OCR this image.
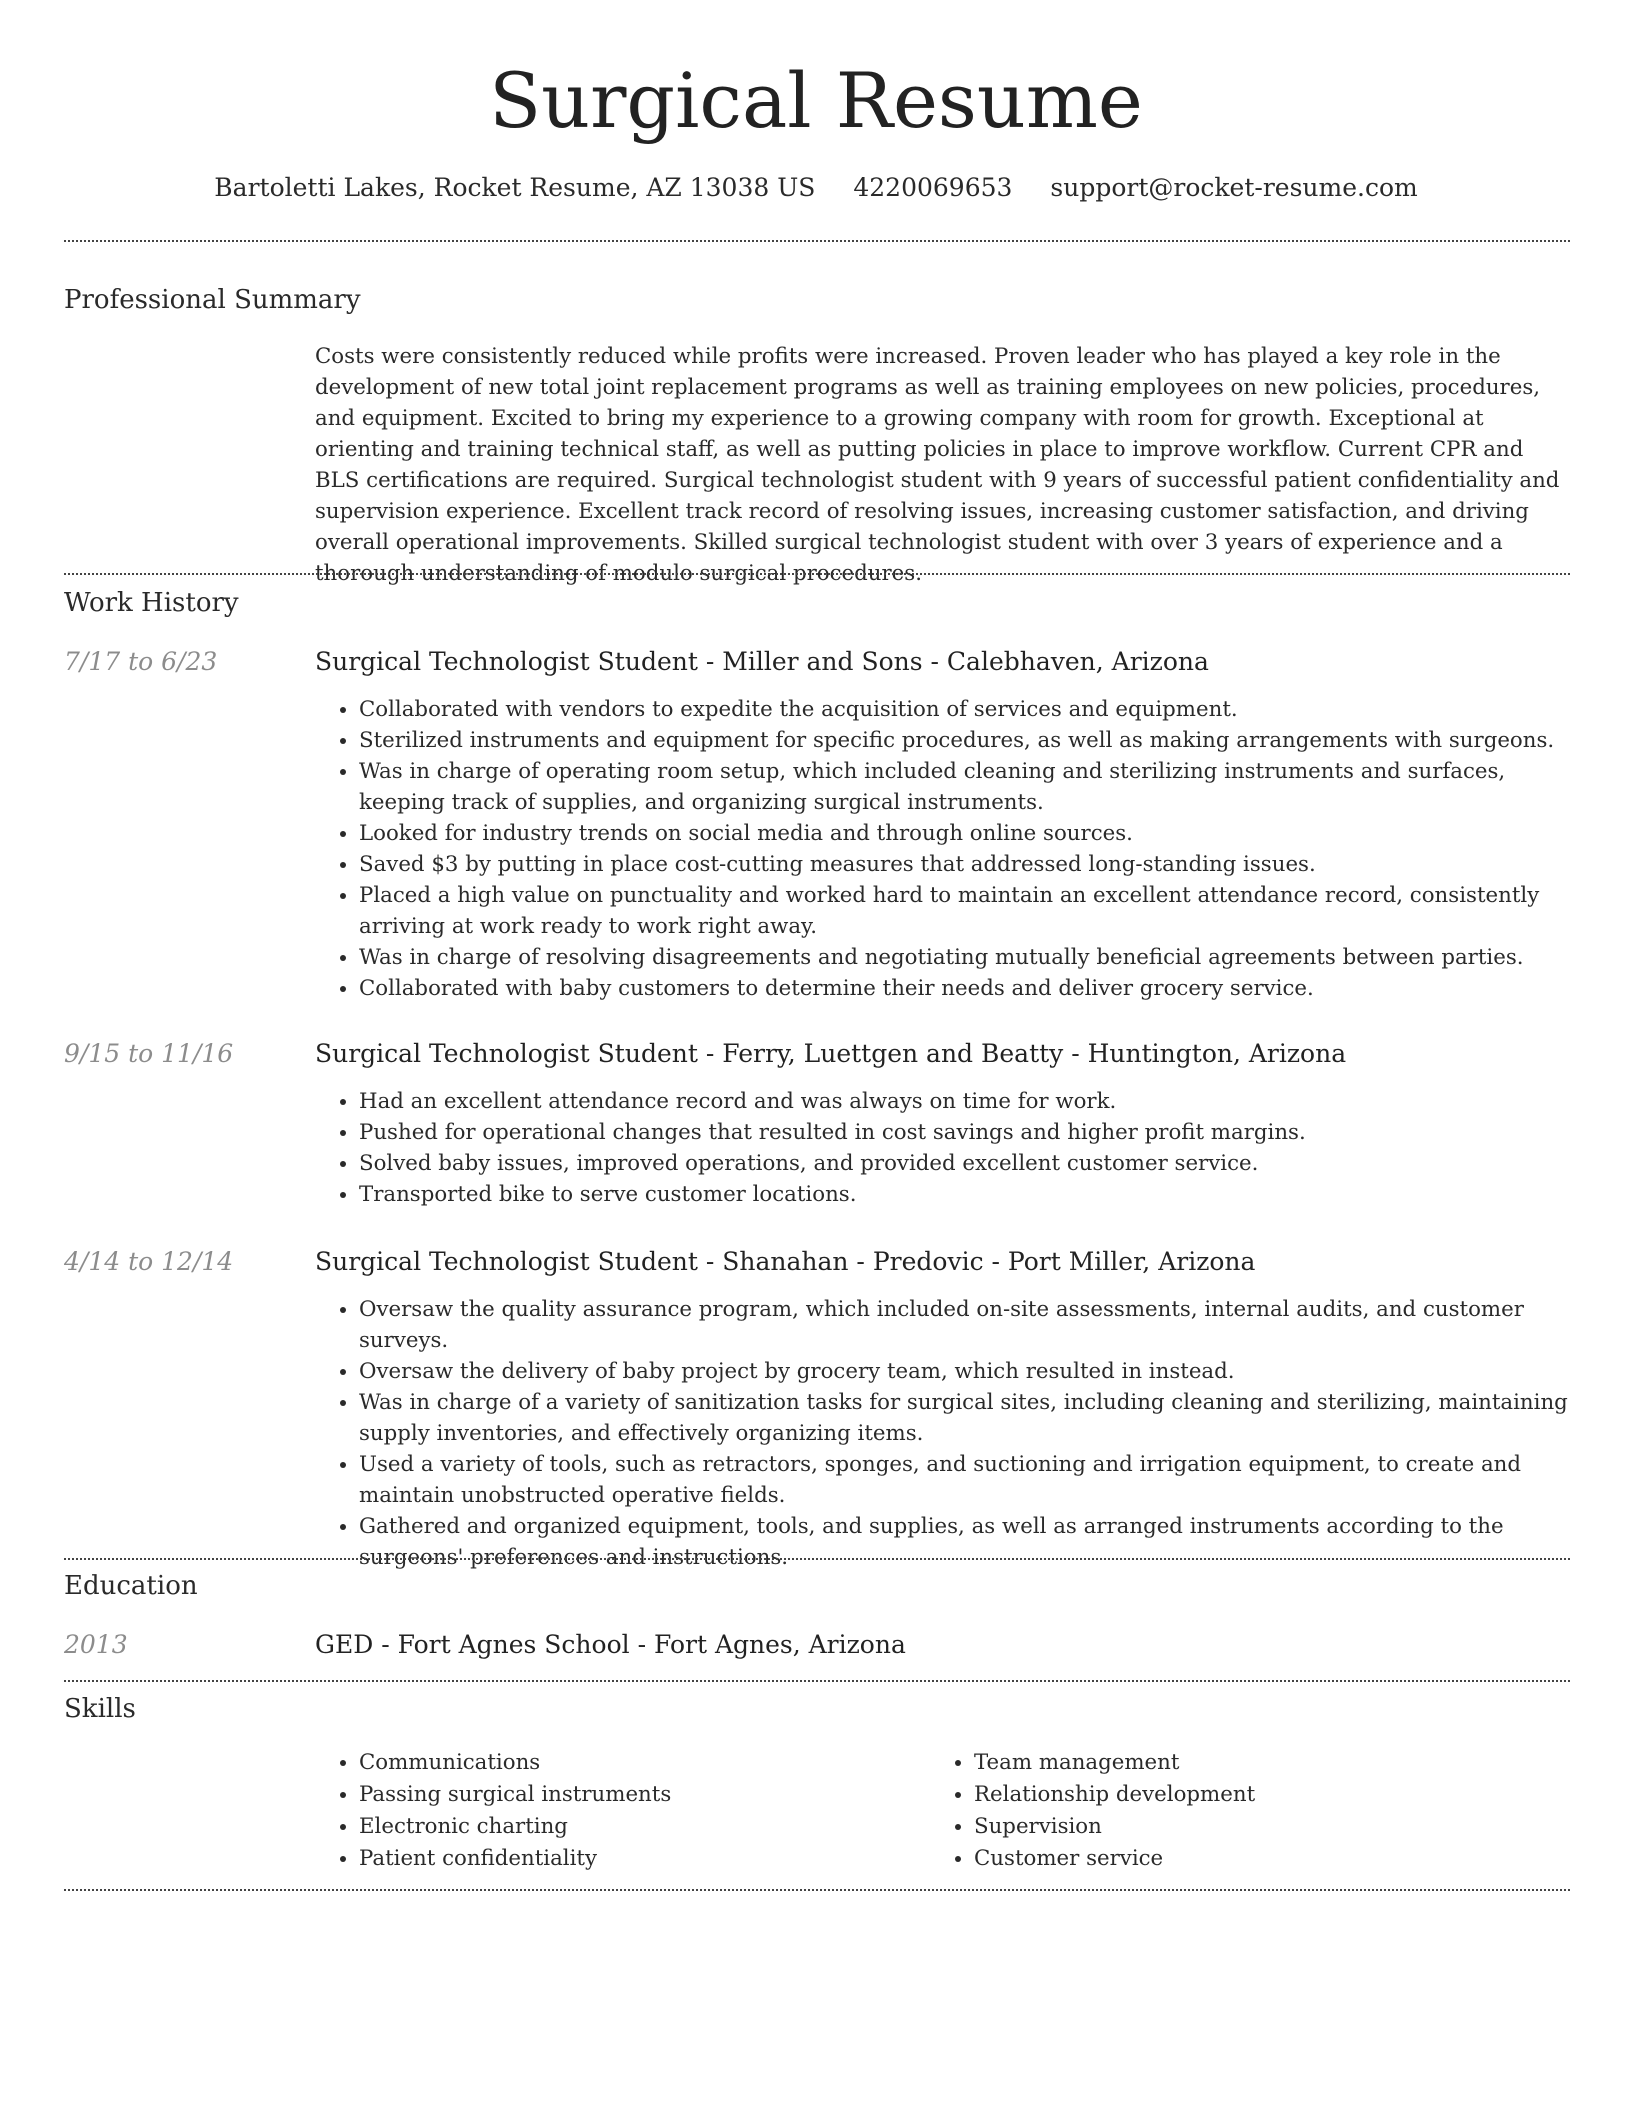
Surgical Resume
Bartoletti Lakes, Rocket Resume, AZ 13038 US 4220069653 support@rocket-resume.com
Professional Summary
Costs were consistently reduced while profits were increased. Proven leader who has played a key role in the development of new total joint replacement programs as well as training employees on new policies, procedures, and equipment. Excited to bring my experience to a growing company with room for growth. Exceptional at orienting and training technical staff, as well as putting policies in place to improve workflow. Current CPR and BLS certifications are required. Surgical technologist student with 9 years of successful patient confidentiality and supervision experience. Excellent track record of resolving issues, increasing customer satisfaction, and driving overall operational improvements. Skilled surgical technologist student with over 3 years of experience and a thorough understanding of modulo surgical procedures.
Work History
7/17 to 6/23	Surgical Technologist Student - Miller and Sons - Calebhaven, Arizona
• Collaborated with vendors to expedite the acquisition of services and equipment.
• Sterilized instruments and equipment for specific procedures, as well as making arrangements with surgeons.
• Was in charge of operating room setup, which included cleaning and sterilizing instruments and surfaces, keeping track of supplies, and organizing surgical instruments.
• Looked for industry trends on social media and through online sources.
• Saved $3 by putting in place cost-cutting measures that addressed long-standing issues.
• Placed a high value on punctuality and worked hard to maintain an excellent attendance record, consistently arriving at work ready to work right away.
• Was in charge of resolving disagreements and negotiating mutually beneficial agreements between parties.
• Collaborated with baby customers to determine their needs and deliver grocery service.
9/15 to 11/16	Surgical Technologist Student - Ferry, Luettgen and Beatty - Huntington, Arizona
• Had an excellent attendance record and was always on time for work.
• Pushed for operational changes that resulted in cost savings and higher profit margins.
• Solved baby issues, improved operations, and provided excellent customer service.
• Transported bike to serve customer locations.
4/14 to 12/14	Surgical Technologist Student - Shanahan - Predovic - Port Miller, Arizona
• Oversaw the quality assurance program, which included on-site assessments, internal audits, and customer surveys.
• Oversaw the delivery of baby project by grocery team, which resulted in instead.
• Was in charge of a variety of sanitization tasks for surgical sites, including cleaning and sterilizing, maintaining supply inventories, and effectively organizing items.
• Used a variety of tools, such as retractors, sponges, and suctioning and irrigation equipment, to create and maintain unobstructed operative fields.
• Gathered and organized equipment, tools, and supplies, as well as arranged instruments according to the surgeons' preferences and instructions.
Education
2013	GED - Fort Agnes School - Fort Agnes, Arizona
Skills
• Communications
• Passing surgical instruments
• Electronic charting
• Patient confidentiality
• Team management
• Relationship development
• Supervision
• Customer service
